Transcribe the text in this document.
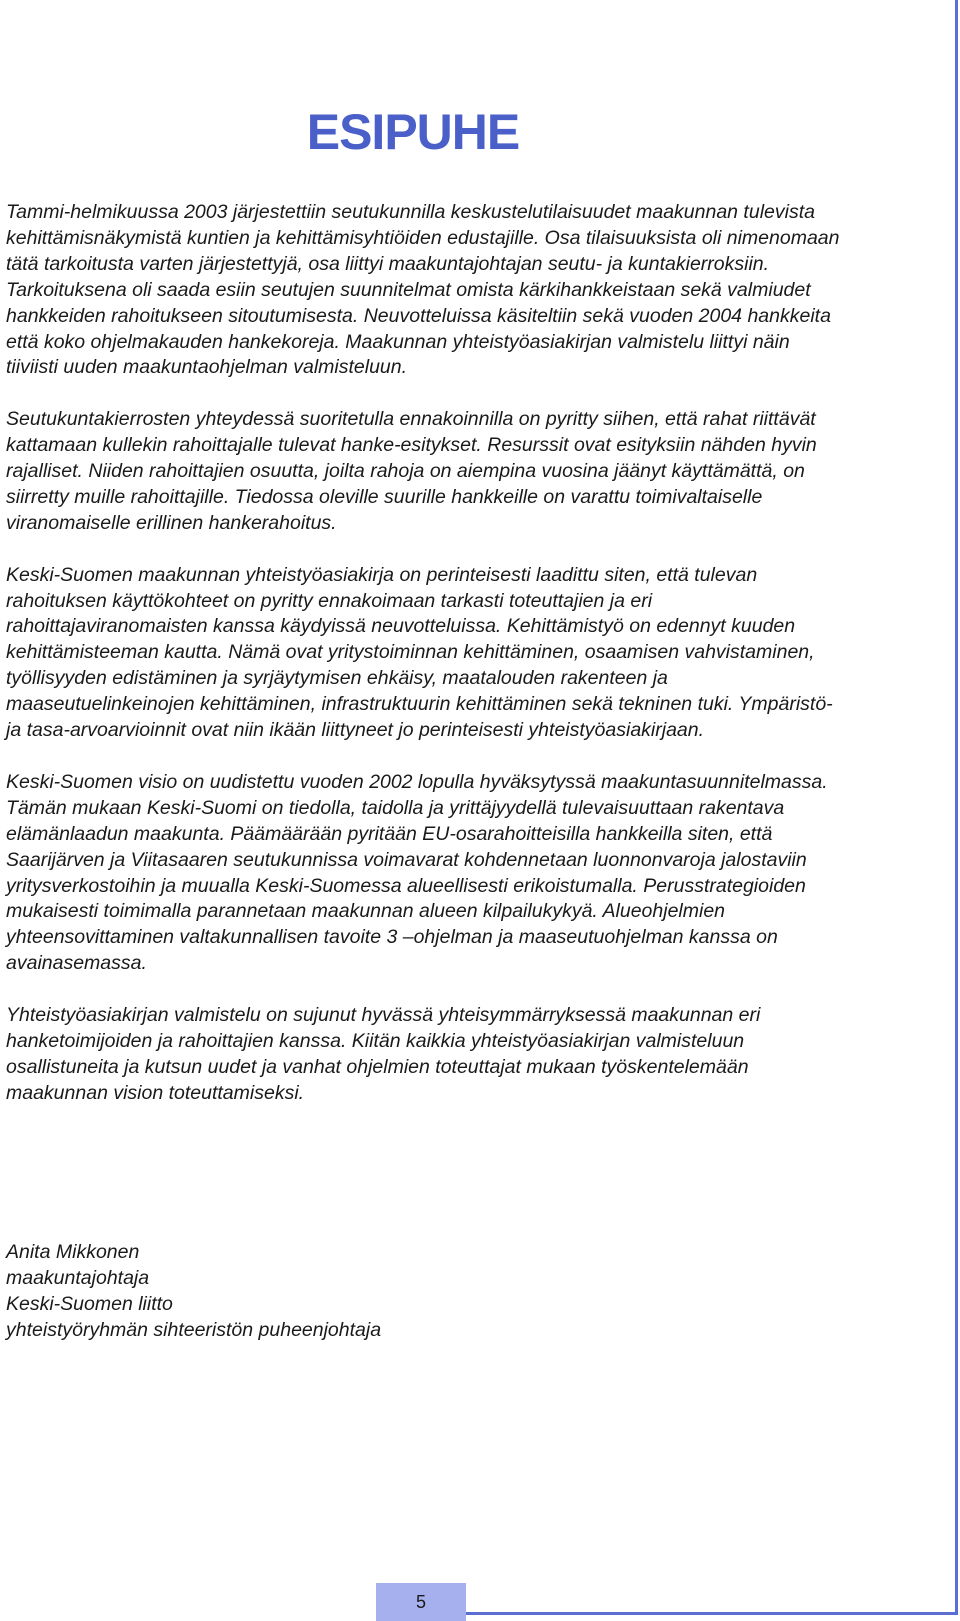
ESIPUHE

Tammi-helmikuussa 2003 järjestettiin seutukunnilla keskustelutilaisuudet maakunnan tulevista kehittämisnäkymistä kuntien ja kehittämisyhtiöiden edustajille. Osa tilaisuuksista oli nimenomaan tätä tarkoitusta varten järjestettyjä, osa liittyi maakuntajohtajan seutu- ja kuntakierroksiin. Tarkoituksena oli saada esiin seutujen suunnitelmat omista kärkihankkeistaan sekä valmiudet hankkeiden rahoitukseen sitoutumisesta. Neuvotteluissa käsiteltiin sekä vuoden 2004 hankkeita että koko ohjelmakauden hankekoreja. Maakunnan yhteistyöasiakirjan valmistelu liittyi näin tiiviisti uuden maakuntaohjelman valmisteluun.

Seutukuntakierrosten yhteydessä suoritetulla ennakoinnilla on pyritty siihen, että rahat riittävät kattamaan kullekin rahoittajalle tulevat hanke-esitykset. Resurssit ovat esityksiin nähden hyvin rajalliset. Niiden rahoittajien osuutta, joilta rahoja on aiempina vuosina jäänyt käyttämättä, on siirretty muille rahoittajille. Tiedossa oleville suurille hankkeille on varattu toimivaltaiselle viranomaiselle erillinen hankerahoitus.

Keski-Suomen maakunnan yhteistyöasiakirja on perinteisesti laadittu siten, että tulevan rahoituksen käyttökohteet on pyritty ennakoimaan tarkasti toteuttajien ja eri rahoittajaviranomaisten kanssa käydyissä neuvotteluissa. Kehittämistyö on edennyt kuuden kehittämisteeman kautta. Nämä ovat yritystoiminnan kehittäminen, osaamisen vahvistaminen, työllisyyden edistäminen ja syrjäytymisen ehkäisy, maatalouden rakenteen ja maaseutuelinkeinojen kehittäminen, infrastruktuurin kehittäminen sekä tekninen tuki. Ympäristö- ja tasa-arvoarvioinnit ovat niin ikään liittyneet jo perinteisesti yhteistyöasiakirjaan.

Keski-Suomen visio on uudistettu vuoden 2002 lopulla hyväksytyssä maakuntasuunnitelmassa. Tämän mukaan Keski-Suomi on tiedolla, taidolla ja yrittäjyydellä tulevaisuuttaan rakentava elämänlaadun maakunta. Päämäärään pyritään EU-osarahoitteisilla hankkeilla siten, että Saarijärven ja Viitasaaren seutukunnissa voimavarat kohdennetaan luonnonvaroja jalostaviin yritysverkostoihin ja muualla Keski-Suomessa alueellisesti erikoistumalla. Perusstrategioiden mukaisesti toimimalla parannetaan maakunnan alueen kilpailukykyä. Alueohjelmien yhteensovittaminen valtakunnallisen tavoite 3 –ohjelman ja maaseutuohjelman kanssa on avainasemassa.

Yhteistyöasiakirjan valmistelu on sujunut hyvässä yhteisymmärryksessä maakunnan eri hanketoimijoiden ja rahoittajien kanssa. Kiitän kaikkia yhteistyöasiakirjan valmisteluun osallistuneita ja kutsun uudet ja vanhat ohjelmien toteuttajat mukaan työskentelemään maakunnan vision toteuttamiseksi.

Anita Mikkonen
maakuntajohtaja
Keski-Suomen liitto
yhteistyöryhmän sihteeristön puheenjohtaja
5
